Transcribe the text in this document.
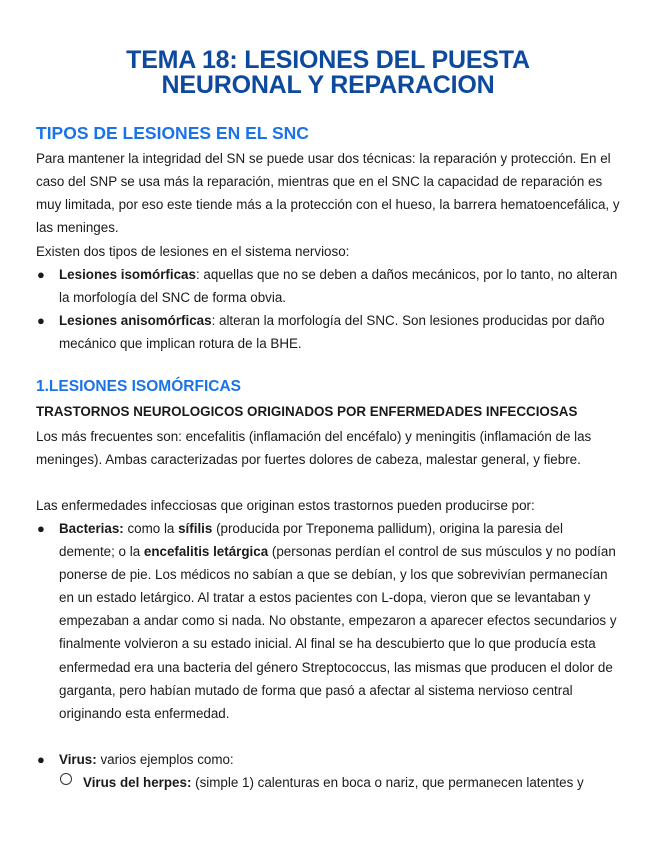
TEMA 18: LESIONES DEL PUESTA
NEURONAL Y REPARACION
TIPOS DE LESIONES EN EL SNC
Para mantener la integridad del SN se puede usar dos técnicas: la reparación y protección. En el caso del SNP se usa más la reparación, mientras que en el SNC la capacidad de reparación es muy limitada, por eso este tiende más a la protección con el hueso, la barrera hematoencefálica, y las meninges.
Existen dos tipos de lesiones en el sistema nervioso:
● Lesiones isomórficas: aquellas que no se deben a daños mecánicos, por lo tanto, no alteran la morfología del SNC de forma obvia.
● Lesiones anisomórficas: alteran la morfología del SNC. Son lesiones producidas por daño mecánico que implican rotura de la BHE.
1.LESIONES ISOMÓRFICAS
TRASTORNOS NEUROLOGICOS ORIGINADOS POR ENFERMEDADES INFECCIOSAS
Los más frecuentes son: encefalitis (inflamación del encéfalo) y meningitis (inflamación de las meninges). Ambas caracterizadas por fuertes dolores de cabeza, malestar general, y fiebre.
Las enfermedades infecciosas que originan estos trastornos pueden producirse por:
● Bacterias: como la sífilis (producida por Treponema pallidum), origina la paresia del demente; o la encefalitis letárgica (personas perdían el control de sus músculos y no podían ponerse de pie. Los médicos no sabían a que se debían, y los que sobrevivían permanecían en un estado letárgico. Al tratar a estos pacientes con L-dopa, vieron que se levantaban y empezaban a andar como si nada. No obstante, empezaron a aparecer efectos secundarios y finalmente volvieron a su estado inicial. Al final se ha descubierto que lo que producía esta enfermedad era una bacteria del género Streptococcus, las mismas que producen el dolor de garganta, pero habían mutado de forma que pasó a afectar al sistema nervioso central originando esta enfermedad.
● Virus: varios ejemplos como:
Virus del herpes: (simple 1) calenturas en boca o nariz, que permanecen latentes y
